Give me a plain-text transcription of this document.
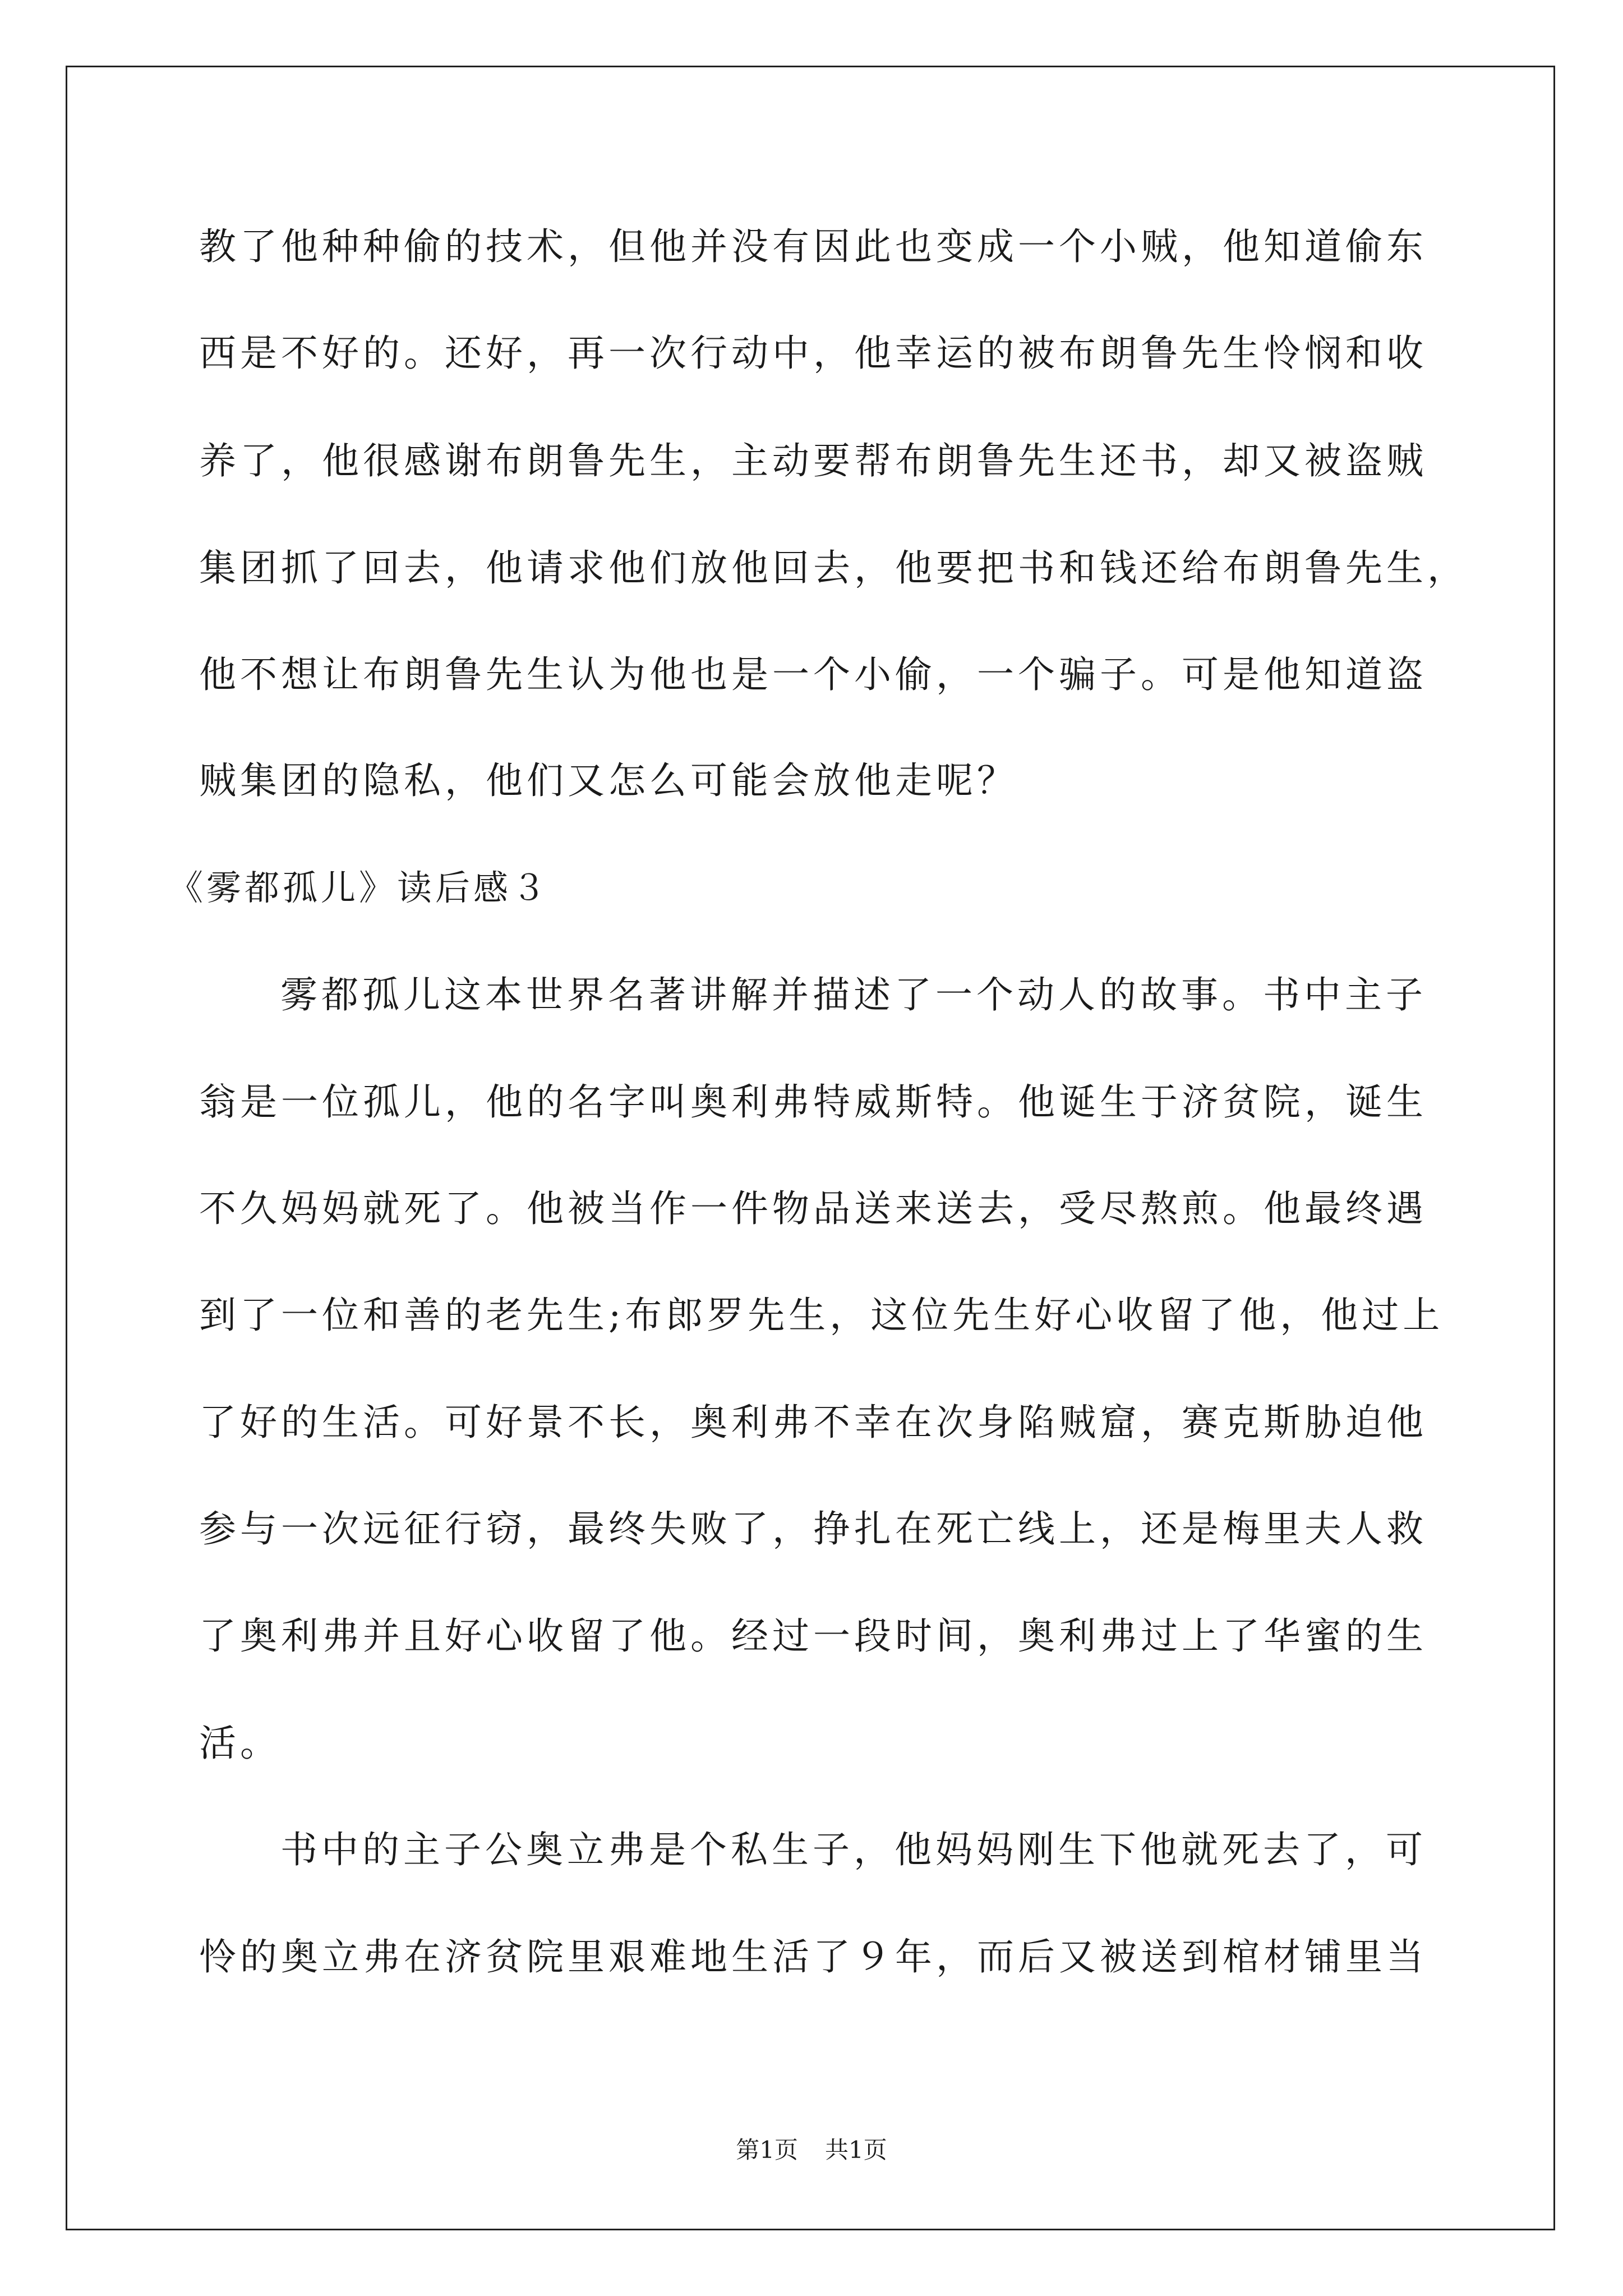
教了他种种偷的技术，但他并没有因此也变成一个小贼，他知道偷东
西是不好的。还好，再一次行动中，他幸运的被布朗鲁先生怜悯和收
养了，他很感谢布朗鲁先生，主动要帮布朗鲁先生还书，却又被盗贼
集团抓了回去，他请求他们放他回去，他要把书和钱还给布朗鲁先生，
他不想让布朗鲁先生认为他也是一个小偷，一个骗子。可是他知道盗
贼集团的隐私，他们又怎么可能会放他走呢？
《雾都孤儿》读后感３
雾都孤儿这本世界名著讲解并描述了一个动人的故事。书中主子
翁是一位孤儿，他的名字叫奥利弗特威斯特。他诞生于济贫院，诞生
不久妈妈就死了。他被当作一件物品送来送去，受尽熬煎。他最终遇
到了一位和善的老先生;布郎罗先生，这位先生好心收留了他，他过上
了好的生活。可好景不长，奥利弗不幸在次身陷贼窟，赛克斯胁迫他
参与一次远征行窃，最终失败了，挣扎在死亡线上，还是梅里夫人救
了奥利弗并且好心收留了他。经过一段时间，奥利弗过上了华蜜的生
活。
书中的主子公奥立弗是个私生子，他妈妈刚生下他就死去了，可
怜的奥立弗在济贫院里艰难地生活了９年，而后又被送到棺材铺里当
第1页 共1页
